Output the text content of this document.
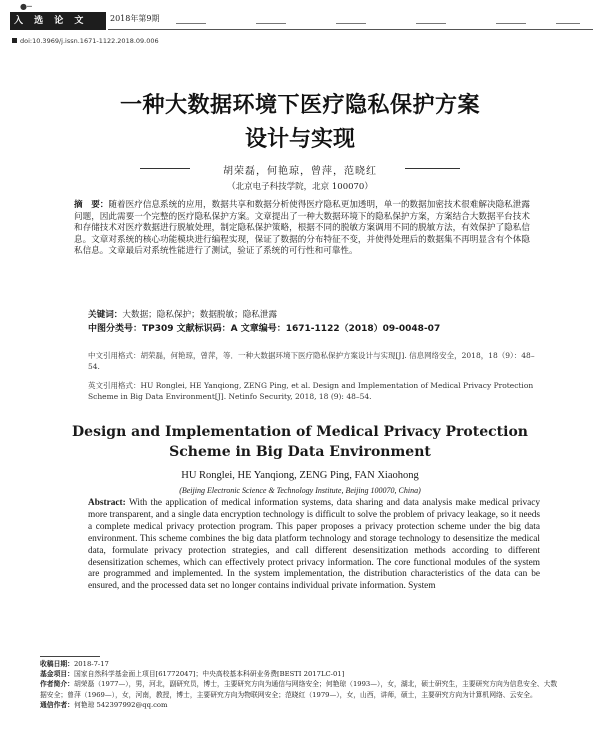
●─
入 选 论 文	2018年第9期
doi:10.3969/j.issn.1671-1122.2018.09.006
一种大数据环境下医疗隐私保护方案
设计与实现
胡荣磊，何艳琼，曾萍，范晓红
（北京电子科技学院，北京 100070）
摘　要：随着医疗信息系统的应用，数据共享和数据分析使得医疗隐私更加透明，单一的数据加密技术很难解决隐私泄露问题，因此需要一个完整的医疗隐私保护方案。文章提出了一种大数据环境下的隐私保护方案，方案结合大数据平台技术和存储技术对医疗数据进行脱敏处理，制定隐私保护策略，根据不同的脱敏方案调用不同的脱敏方法，有效保护了隐私信息。文章对系统的核心功能模块进行编程实现，保证了数据的分布特征不变，并使得处理后的数据集不再明显含有个体隐私信息。文章最后对系统性能进行了测试，验证了系统的可行性和可靠性。
关键词：大数据；隐私保护；数据脱敏；隐私泄露
中图分类号：TP309 文献标识码：A 文章编号：1671-1122（2018）09-0048-07
中文引用格式：胡荣磊，何艳琼，曾萍，等．一种大数据环境下医疗隐私保护方案设计与实现[J]. 信息网络安全，2018，18（9）：48–54.
英文引用格式：HU Ronglei, HE Yanqiong, ZENG Ping, et al. Design and Implementation of Medical Privacy Protection Scheme in Big Data Environment[J]. Netinfo Security, 2018, 18 (9): 48–54.
Design and Implementation of Medical Privacy Protection Scheme in Big Data Environment
HU Ronglei, HE Yanqiong, ZENG Ping, FAN Xiaohong
(Beijing Electronic Science & Technology Institute, Beijing 100070, China)
Abstract: With the application of medical information systems, data sharing and data analysis make medical privacy more transparent, and a single data encryption technology is difficult to solve the problem of privacy leakage, so it needs a complete medical privacy protection program. This paper proposes a privacy protection scheme under the big data environment. This scheme combines the big data platform technology and storage technology to desensitize the medical data, formulate privacy protection strategies, and call different desensitization methods according to different desensitization schemes, which can effectively protect privacy information. The core functional modules of the system are programmed and implemented. In the system implementation, the distribution characteristics of the data can be ensured, and the processed data set no longer contains individual private information. System
收稿日期：2018-7-17
基金项目：国家自然科学基金面上项目[61772047]；中央高校基本科研业务费[BESTI 2017LC-01]
作者简介：胡荣磊（1977—），男，河北，副研究员，博士，主要研究方向为通信与网络安全；何艳琼（1993—），女，湖北，硕士研究生，主要研究方向为信息安全、大数据安全；曾萍（1969—），女，河南，教授，博士，主要研究方向为物联网安全；范晓红（1979—），女，山西，讲师，硕士，主要研究方向为计算机网络、云安全。
通信作者：何艳琼 542397992@qq.com
